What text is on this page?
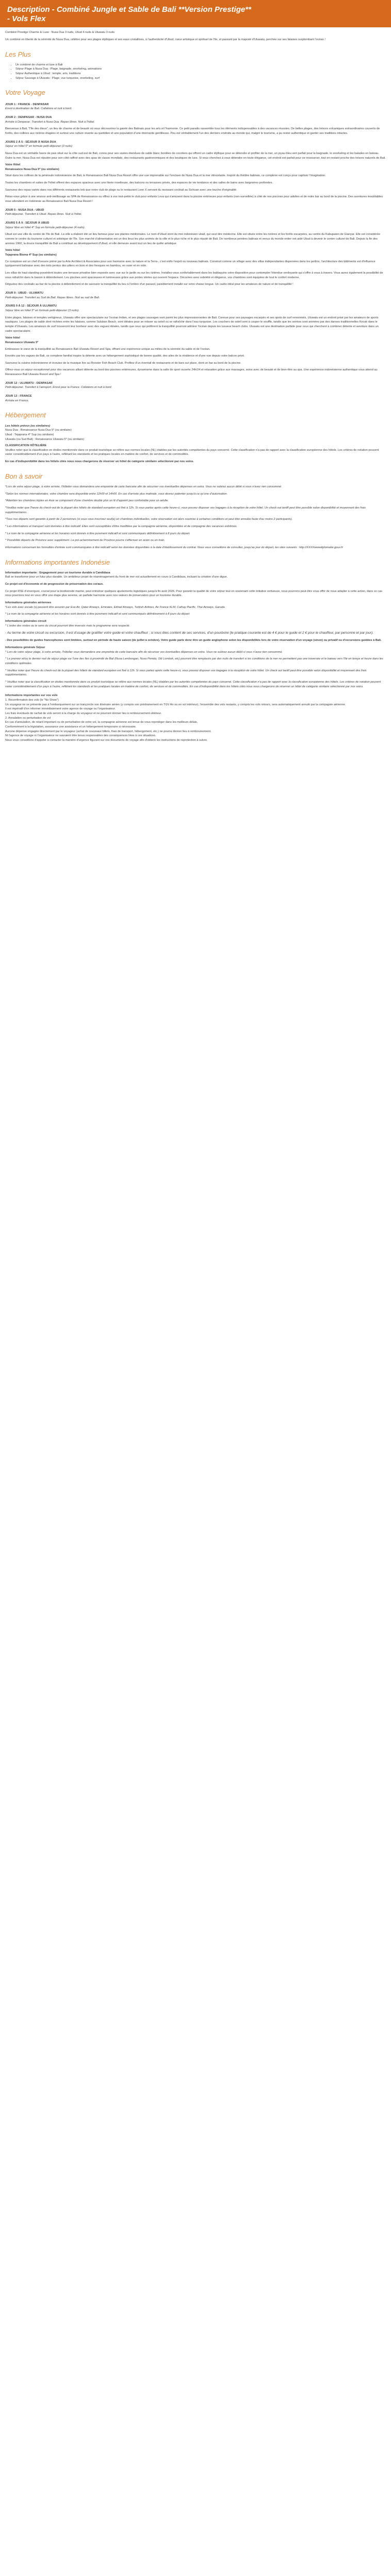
Description - Combiné Jungle et Sable de Bali **Version Prestige**
- Vols Flex

Combiné Prestige Charme & Luxe : Nusa Dua 3 nuits, Ubud 4 nuits & Uluwatu 3 nuits

Un combiné en liberté de la sérénité de Nusa Dua, célèbre pour ses plages idylliques et ses eaux cristallines, à l'authenticité d'Ubud, cœur artistique et spirituel de l'île, et passant par la majesté d'Uluwatu, perchée sur ses falaises surplombant l'océan !

Les Plus
• Un combiné de charme et luxe à Bali
• Séjour Plage à Nusa Dua : Plage, baignade, snorkeling, animations
• Séjour Authentique à Ubud : temple, arts, traditions
• Séjour Sauvage à Uluwatu : Plage, vue turquoise, snorkeling, surf
Votre Voyage
JOUR 1 : FRANCE - DENPASAR

Envol à destination de Bali. Collations et nuit à bord.

JOUR 2 : DENPASAR - NUSA DUA

Arrivée à Denpasar. Transfert à Nusa Dua. Repas libres. Nuit à l'hôtel.

Bienvenue à Bali, "l'île des dieux", un lieu de charme et de beauté où vous découvrirez la gaieté des Balinais pour les arts et l'harmonie. Ce petit paradis rassemble tous les éléments indispensables à des vacances réussies. De belles plages, des trésors volcaniques extraordinaires couverts de forêts, des collines aux rizières étagées et surtout une culture vivante au quotidien et une population d'une étonnante gentillesse. Peu est véritablement l'un des derniers endroits au monde qui, malgré le tourisme, a pu rester authentique et garder ses traditions intactes.

JOURS 2 À 5 : SÉJOUR À NUSA DUA

Séjour en hôtel 5* en formule petit-déjeuner (3 nuits)

Nusa Dua est un véritable havre de paix situé sur la côte sud-est de Bali, connu pour ses vastes étendues de sable blanc bordées de cocotiers qui offrent un cadre idyllique pour se détendre et profiter de la mer, un joyau bleu vert parfait pour la baignade, le snorkeling et les balades en bateau. Outre la mer, Nusa Dua est réputée pour son côté raffiné avec des spas de classe mondiale, des restaurants gastronomiques et des boutiques de luxe. Si vous cherchez à vous détendre en toute élégance, cet endroit est parfait pour se ressourcer, tout en restant proche des trésors naturels de Bali.

Votre Hôtel
Renaissance Nusa Dua 5* (ou similaire)

Situé dans les collines de la péninsule indonésienne de Bali, le Renaissance Bali Nusa Dua Resort offre une vue imprenable sur l'enclave de Nusa Dua et la mer étincelante. Inspiré du théâtre balinais, ce complexe est conçu pour captiver l'imagination.

Toutes les chambres et suites de l'hôtel offrent des espaces spacieux avec une literie moelleuse, des balcons ou terrasses privés, des espaces de vie tendance et des salles de bains avec baignoires profondes.

Savourez des repas variés dans nos différents restaurants tels que notre club de plage ou le restaurant Loon X servant du ravissant cocktail au Sichuan avec une touche d'originalité.

Relax-vous grâce à une séance anti-vieillissage au SPA de Renaissance ou offrez à vos tout-petits le club pour enfants Lova qui s'amusent dans la piscine extérieure pour enfants (non-surveillée) à côté de nos piscines pour adultes et de notre bar au bord de la piscine. Des aventures inoubliables vous attendent en Indonésie au Renaissance Bali Nusa Dua Resort !

JOUR 5 : NUSA DUA - UBUD

Petit-déjeuner. Transfert à Ubud. Repas libres. Nuit à l'hôtel.

JOURS 5 À 9 : SÉJOUR À UBUD

Séjour libre en hôtel 4* Sup en formule petit-déjeuner (4 nuits).

Ubud est une ville du centre de l'île de Bali. La ville a élaboré été un lieu fameux pour ses plantes médicinales. Le nom d'Ubud vient du mot indonésien ubad, qui veut dire médecine. Elle est située entre les rizières et les forêts escarpées, au centre du Kabupaten de Gianyar. Elle est considérée comme le centre du tourisme culturel et artistique de l'île. Son marché d'alimentation est un des lieux les plus animés de la ville et le plus riche et le plus réputé de Bali. De nombreux peintres balinais et venus du monde entier ont aidé Ubud à devenir le centre culturel de Bali. Depuis la fin des années 1960, la douce tranquillité de Bali a contribué au développement d'Ubud, et elle demeure avant tout un lieu de quête artistique.

Votre hôtel
Tejaprana Bisma 4* Sup (ou similaire)

Ce complexe est un chef d'oeuvre primé par la Arte Architect & Associates pour son harmonie avec la nature et la Terra-, c'est enfin l'esprit ou nouveau balinais. Construit comme un village avec des villas indépendantes dispersées dans les jardins, l'architecture des bâtiments est d'influence typiquement balinaise avec des toits pentus des piliers en bois et des fresques en bambou, en osier et en rotin.

Les villas de haut standing possèdent toutes une terrasse privative bien exposée avec vue sur le jardin ou sur les rizières. Installez-vous confortablement dans les baldaquins votre disposition pour contempler l'étendue verdoyante qui s'offre à vous à travers. Vous aurez également la possibilité de vous rafraîchir dans le bassin à débordement. Les piscines sont spacieuses et lumineuses grâce aux portes vitrées qui ouvrent l'espace. Décorées avec sobriété et élégance, vos chambres sont équipées de tout le confort moderne.

Dégustez des cocktails au bar de la piscine à débordement et de savourer la tranquillité du lieu à l'ombre d'un parasol, paisiblement installé sur votre chaise longue. Un cadre idéal pour les amateurs de nature et de tranquillité !

JOUR 9 : UBUD - ULUWATU

Petit-déjeuner. Transfert au Sud de Bali. Repas libres. Nuit au sud de Bali.

JOURS 9 À 12 : SÉJOUR À ULUWATU

Séjour libre en hôtel 5* en formule petit-déjeuner (3 nuits).

Entre plages, falaises et temples vertigineux, Uluwatu offre une spectaculaire sur l'océan Indien, et ses plages sauvages sont parmi les plus impressionnantes de Bali. Connue pour ses paysages escarpés et ses spots de surf renommés, Uluwatu est un endroit prisé par les amateurs de sports nautiques. Les plages de sable doré nichées entre les falaises, comme Suluban Beach, sont idéales pour se relaxer au soleil ou se rafraîchir dans l'eau turquoise. Les couchers de soleil sont à couper le souffle, tandis que les soirées sont animées par des danses traditionnelles Kecak dans le temple d'Uluwatu. Les amateurs de surf trouveront leur bonheur avec des vagues idéales, tandis que ceux qui préfèrent la tranquillité pourront admirer l'océan depuis les luxueux beach clubs. Uluwatu est une destination parfaite pour ceux qui cherchent à combiner détente et aventure dans un cadre spectaculaire.

Votre hôtel
Renaissance Uluwatu 5*

Embrassez le cœur de la tranquillité au Renaissance Bali Uluwatu Resort and Spa, offrant une expérience unique au milieu de la sérénité du sable et de l'océan.

Envolés par les vagues de Bali, ce complexe familial inspire la détente avec un hébergement sophistiqué de bonne qualité, des ailes de la résidence et d'une vue depuis votre balcon privé.

Savourez la cuisine indonésienne et écoutez de la musique live au Rooster Fish Beach Club. Profitez d'un éventail de restaurants et de bars sur place, dont un bar au bord de la piscine.

Offrez-vous un séjour exceptionnel pour des vacances alliant détente au bord des piscines extérieures, dynamisme dans la salle de sport ouverte 24h/24 et relaxation grâce aux massages, soins avec de beauté et de bien-être au spa. Une expérience indonésienne authentique vous attend au Renaissance Bali Uluwatu Resort and Spa !

JOUR 12 : ULUWATU - DENPASAR

Petit-déjeuner. Transfert à l'aéroport. Envol pour la France. Collations et nuit à bord.

JOUR 13 : FRANCE

Arrivée en France.

Hébergement
Les hôtels prévus (ou similaires)
Nusa Dua : Renaissance Nusa Dua 5* (ou similaire)
Ubud : Tejaprana 4* Sup (ou similaire)
Uluwatu (ou Sud Bali) : Renaissance Uluwatu 5* (ou similaire)
CLASSIFICATION HÔTELIÈRE

Veuillez noter que la classification en étoiles mentionnée dans ce produit touristique se réfère aux normes locales (NL) établies par les autorités compétentes du pays concerné. Cette classification n'a pas de rapport avec la classification européenne des hôtels. Les critères de notation peuvent varier considérablement d'un pays à l'autre, reflétant les standards et les pratiques locales en matière de confort, de services et de commodités.

En cas d'indisponibilité dans les hôtels cités nous nous chargerons de réserver un hôtel de catégorie similaire sélectionné par nos soins.

Bon à savoir

*Lors de votre séjour plage, à votre arrivée, l'hôtelier vous demandera une empreinte de carte bancaire afin de sécuriser vos éventuelles dépenses en extra. Vous ne subirez aucun débit si vous n'avez rien consommé.

*Selon les normes internationales, votre chambre sera disponible entre 12h00 et 14h00. En cas d'arrivée plus matinale, vous devrez patienter jusqu'à ce qu'une d'autorisation.

*Attention les chambres triples en Asie se composent d'une chambre double plus un lit d'appoint peu confortable pour un adulte.

*Veuillez noter que l'heure du check-out de la plupart des hôtels de standard européen est fixé à 12h. Si vous partez après cette heure-ci, vous pouvez disposer vos bagages à la réception de votre hôtel. Un check out tardif peut être possible selon disponibilité et moyennant des frais supplémentaires.

*Tous nos départs sont garantis à partir de 2 personnes (si vous vous inscrivez seul(e) en chambres individuelles, votre réservation est alors soumise à certaines conditions et peut être annulée faute d'au moins 2 participants).

* Les informations et transport sont données à titre indicatif. Elles sont susceptibles d'être modifiées par la compagnie aérienne, disponibles et de compagnie des vacances extrêmes.

* Le nom de la compagnie aérienne et les horaires sont donnés à titre purement indicatif et sont communiqués définitivement à 8 jours du départ.

* Possibilité départs de Province avec supplément. La pré-acheminement de Province pourra s'effectuer en avion ou en train.

Informations concernant les formalités d'entrée sont communiquées à titre indicatif selon les données disponibles à la date d'établissement du contrat. Nous vous conseillons de consulter, jusqu'au jour du départ, les sites suivants : http://XXXXwwwdiplomatie.gouv.fr

Informations importantes Indonésie
Information importante : Engagement pour un tourisme durable à Candidasa

Bali se transforme pour un futur plus durable. Un ambitieux projet de réaménagement du front de mer est actuellement en cours à Candidasa, incluant la création d'une digue.

Ce projet est d'économie et de progression de préservation des coraux.

Ce projet RSE d'envergure, crucial pour la biodiversité marine, peut entraîner quelques ajustements logistiques jusqu'à fin août 2026. Pour garantir la qualité de votre séjour tout en soutenant cette initiative vertueuse, nous pourrons peut-être vous offrir de nous adapter à cette action, dans ce cas nous pourrions tout en vous offrir une étape plus sereine, un parfaite harmonie avec nos valeurs de préservation pour un tourisme durable.

Informations générales aériennes

*Les vols avec escale (s) peuvent être assurés par Eva Air, Qatar Airways, Emirates, Etihad Airways, Turkish Airlines, Air France KLM, Cathay Pacific, Thai Airways, Garuda.

* Le nom de la compagnie aérienne et les horaires sont donnés à titre purement indicatif et sont communiqués définitivement à 8 jours du départ

Informations générales circuit

* L'ordre des visites ou le sens du circuit pourront être inversés mais le programme sera respecté.

- Au terme de votre circuit ou excursion, il est d'usage de gratifier votre guide et votre chauffeur ; si vous êtes content de ses services, d'un pourboire (le pratique courante est de 4 € pour le guide et 2 € pour le chauffeur, par personne et par jour).

- Des possibilités de guides francophones sont limitées, surtout en période de haute saison (de juillet à octobre). Votre guide parle donc être un guide anglophone selon les disponibilités lors de votre réservation d'un voyage (sinon) ou privatif ou d'excursions guidées à Bali.

Informations générale Séjour

* Lors de votre séjour plage, à votre arrivée, l'hôtelier vous demandera une empreinte de carte bancaire afin de sécuriser vos éventuelles dépenses en extra. Vous ne subirez aucun débit si vous n'avez rien consommé.

* Le premier et/ou le dernier nuit de séjour plage sur l'une des îles à proximité de Bali (Nusa Lembongan, Nusa Penida, Gili Lombok, etc) pourront être remplacés par des nuits de transfert si les conditions de la mer ne permettent pas une traversée et le bateau vers l'île en temps et heure dans les conditions optimales.

* Veuillez noter que l'heure du check-out de la plupart des hôtels de standard européen est fixé à 12h. Si vous partez après cette heure-ci, vous pouvez disposer vos bagages à la réception de votre hôtel. Un check out tardif peut être possible selon disponibilité et moyennant des frais supplémentaires.

* Veuillez noter que la classification en étoiles mentionnée dans ce produit touristique se réfère aux normes locales (NL) établies par les autorités compétentes du pays concerné. Cette classification n'a pas de rapport avec la classification européenne des hôtels. Les critères de notation peuvent varier considérablement d'un pays à l'autre, reflétant les standards et les pratiques locales en matière de confort, de services et de commodités. En cas d'indisponibilité dans les hôtels cités nous nous chargerons de réserver un hôtel de catégorie similaire sélectionné par nos soins.

Informations importantes sur vos vols
1. Reconfirmation des vols (le "No Show")
Un voyageur ne se présente pas à l'embarquement sur un trançoncle son itinéraire aérien (y compris son prédrainement en TGV Air ou en vol intérieur), l'ensemble des vols restants, y compris les vols retours, sera automatiquement annulé par la compagnie aérienne.
Il est impératif d'en informer immédiatement votre agence de voyage ou l'organisateur.
Les frais éventuels de rachat de vols seront à la charge du voyageur et ne pourront donner lieu à remboursement ultérieur.
2. Annulation ou perturbation de vol
En cas d'annulation, de retard important ou de perturbation de votre vol, la compagnie aérienne est tenue de vous reprotéger dans les meilleurs délais.
Conformément à la législation, assurance une assistance et un hébergement temporaire si nécessaire.
Aucune dépense engagée directement par le voyageur (achat de nouveaux billets, frais de transport, hébergement, etc.) ne pourra donner lieu à remboursement.
Ni l'agence de voyage ni l'organisateur ne sauraient être tenus responsables des conséquences liées à ces situations.
Nous vous conseillons d'appeler à contacter la manière d'urgence figurant sur vos documents de voyage afin d'obtenir les instructions de reprotection à suivre.
